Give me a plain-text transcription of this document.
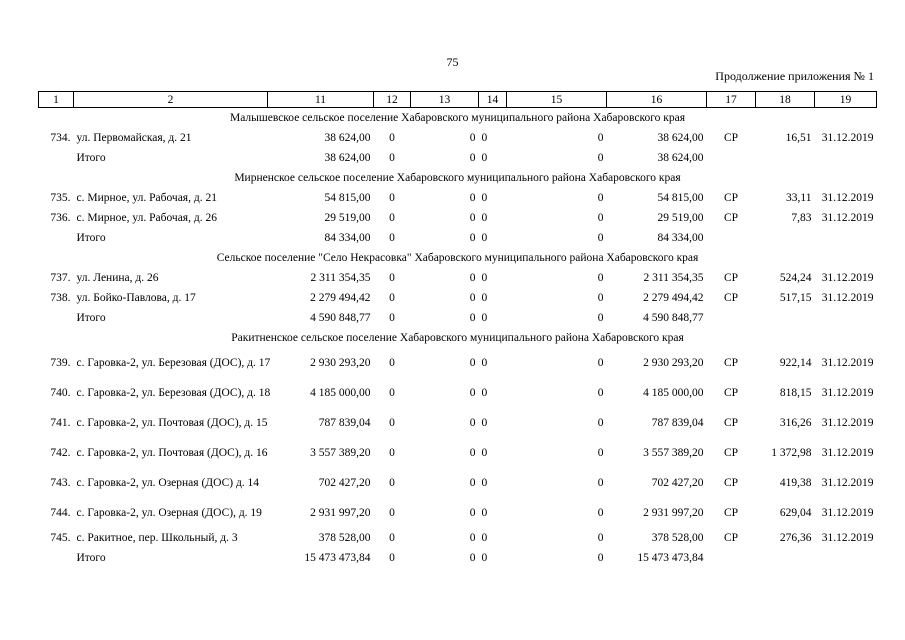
75
Продолжение приложения № 1
1	2	11	12	13	14	15	16	17	18	19
Малышевское сельское поселение Хабаровского муниципального района Хабаровского края										
734.	ул. Первомайская, д. 21	38 624,00	0	0	0	0	38 624,00	СР	16,51	31.12.2019
	Итого	38 624,00	0	0	0	0	38 624,00			
Мирненское сельское поселение Хабаровского муниципального района Хабаровского края										
735.	с. Мирное, ул. Рабочая, д. 21	54 815,00	0	0	0	0	54 815,00	СР	33,11	31.12.2019
736.	с. Мирное, ул. Рабочая, д. 26	29 519,00	0	0	0	0	29 519,00	СР	7,83	31.12.2019
	Итого	84 334,00	0	0	0	0	84 334,00			
Сельское поселение "Село Некрасовка" Хабаровского муниципального района Хабаровского края										
737.	ул. Ленина, д. 26	2 311 354,35	0	0	0	0	2 311 354,35	СР	524,24	31.12.2019
738.	ул. Бойко-Павлова, д. 17	2 279 494,42	0	0	0	0	2 279 494,42	СР	517,15	31.12.2019
	Итого	4 590 848,77	0	0	0	0	4 590 848,77			
Ракитненское сельское поселение Хабаровского муниципального района Хабаровского края										
739.	с. Гаровка-2, ул. Березовая (ДОС), д. 17	2 930 293,20	0	0	0	0	2 930 293,20	СР	922,14	31.12.2019
740.	с. Гаровка-2, ул. Березовая (ДОС), д. 18	4 185 000,00	0	0	0	0	4 185 000,00	СР	818,15	31.12.2019
741.	с. Гаровка-2, ул. Почтовая (ДОС), д. 15	787 839,04	0	0	0	0	787 839,04	СР	316,26	31.12.2019
742.	с. Гаровка-2, ул. Почтовая (ДОС), д. 16	3 557 389,20	0	0	0	0	3 557 389,20	СР	1 372,98	31.12.2019
743.	с. Гаровка-2, ул. Озерная (ДОС) д. 14	702 427,20	0	0	0	0	702 427,20	СР	419,38	31.12.2019
744.	с. Гаровка-2, ул. Озерная (ДОС), д. 19	2 931 997,20	0	0	0	0	2 931 997,20	СР	629,04	31.12.2019
745.	с. Ракитное, пер. Школьный, д. 3	378 528,00	0	0	0	0	378 528,00	СР	276,36	31.12.2019
	Итого	15 473 473,84	0	0	0	0	15 473 473,84			
